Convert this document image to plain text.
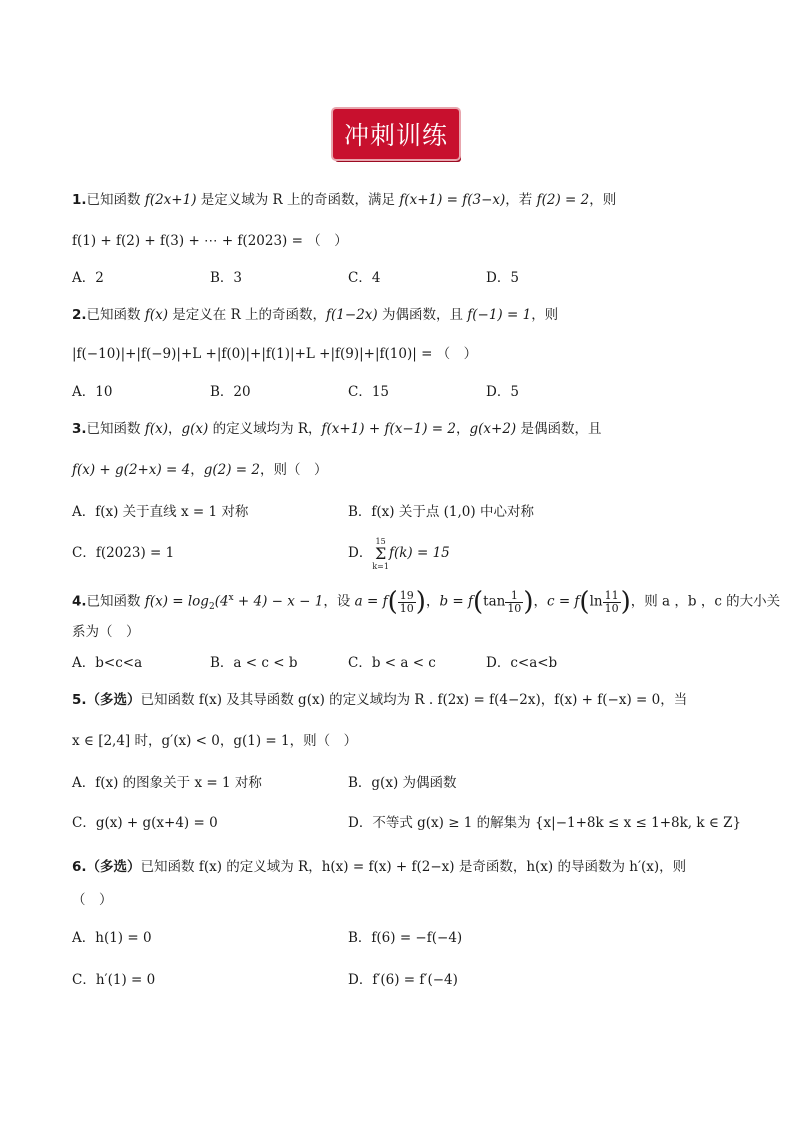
冲刺训练
1.已知函数 f(2x+1) 是定义域为 R 上的奇函数，满足 f(x+1) = f(3−x)，若 f(2) = 2，则
f(1) + f(2) + f(3) + ⋯ + f(2023) = （　）
A．2	B．3	C．4	D．5
2.已知函数 f(x) 是定义在 R 上的奇函数，f(1−2x) 为偶函数，且 f(−1) = 1，则
|f(−10)|+|f(−9)|+L +|f(0)|+|f(1)|+L +|f(9)|+|f(10)| = （　）
A．10	B．20	C．15	D．5
3.已知函数 f(x)，g(x) 的定义域均为 R，f(x+1) + f(x−1) = 2，g(x+2) 是偶函数，且
f(x) + g(2+x) = 4，g(2) = 2，则（　）
A．f(x) 关于直线 x = 1 对称	B．f(x) 关于点 (1,0) 中心对称
C．f(2023) = 1	D．15
Σ
k=1f(k) = 15
4.已知函数 $f(x) = \log_2(4^x + 4) - x - 1$，设 $a = f( \frac{19}{10}$ )，$b = f(\tan \frac{1}{10}$ )，$c = f(\ln \frac{11}{10}$ )，则 a ，b ，c 的大小关
系为（　）
A．b<c<a	B．a < c < b	C．b < a < c	D．c<a<b
5.（多选）已知函数 f(x) 及其导函数 g(x) 的定义域均为 R . f(2x) = f(4−2x)，f(x) + f(−x) = 0，当
x ∈ [2,4] 时，g′(x) < 0，g(1) = 1，则（　）
A．f(x) 的图象关于 x = 1 对称	B．g(x) 为偶函数
C．g(x) + g(x+4) = 0	D．不等式 g(x) ≥ 1 的解集为 {x|−1+8k ≤ x ≤ 1+8k, k ∈ Z}
6.（多选）已知函数 f(x) 的定义域为 R，h(x) = f(x) + f(2−x) 是奇函数，h(x) 的导函数为 h′(x)，则
（　）
A．h(1) = 0	B．f(6) = −f(−4)
C．h′(1) = 0	D．f′(6) = f′(−4)
